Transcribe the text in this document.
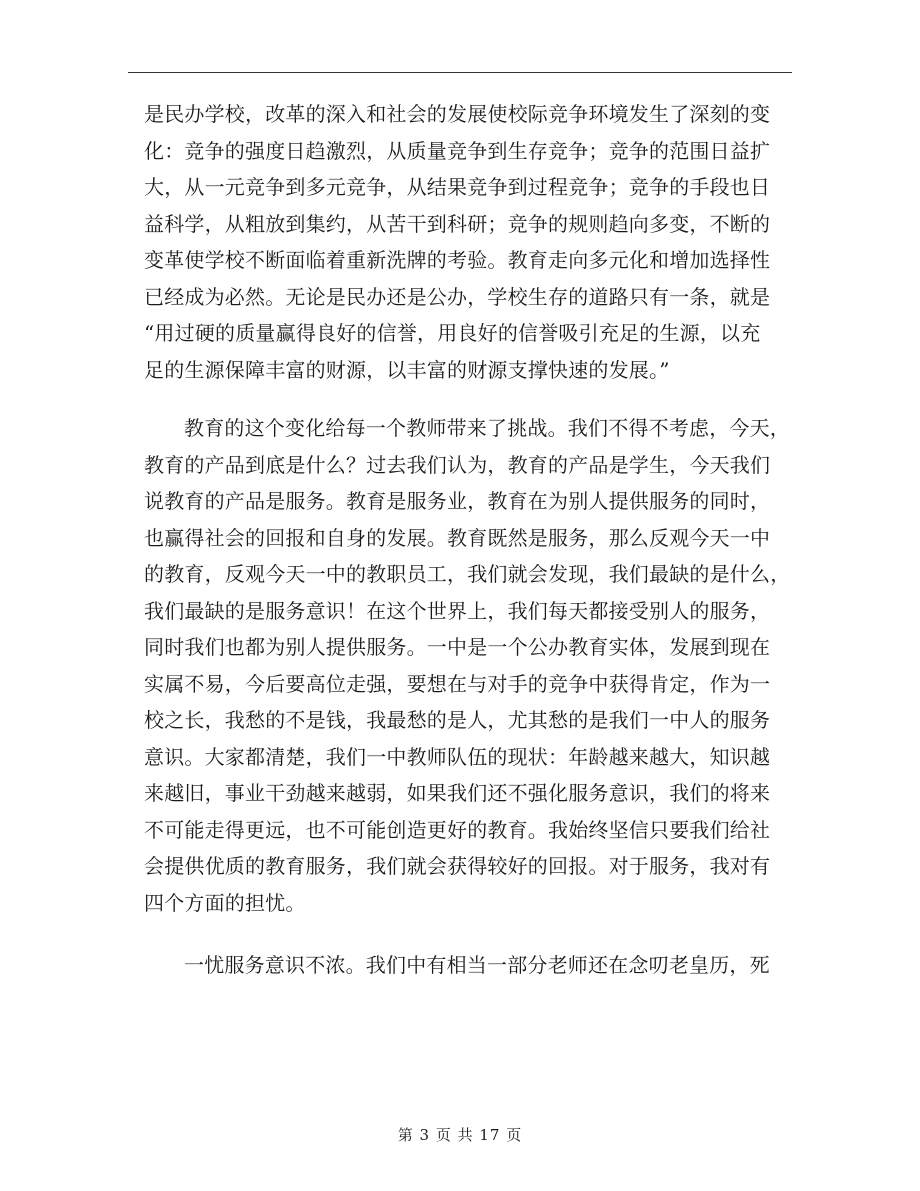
是民办学校，改革的深入和社会的发展使校际竞争环境发生了深刻的变
化：竞争的强度日趋激烈，从质量竞争到生存竞争；竞争的范围日益扩
大，从一元竞争到多元竞争，从结果竞争到过程竞争；竞争的手段也日
益科学，从粗放到集约，从苦干到科研；竞争的规则趋向多变，不断的
变革使学校不断面临着重新洗牌的考验。教育走向多元化和增加选择性
已经成为必然。无论是民办还是公办，学校生存的道路只有一条，就是
“用过硬的质量赢得良好的信誉，用良好的信誉吸引充足的生源，以充
足的生源保障丰富的财源，以丰富的财源支撑快速的发展。”

教育的这个变化给每一个教师带来了挑战。我们不得不考虑，今天，
教育的产品到底是什么？过去我们认为，教育的产品是学生，今天我们
说教育的产品是服务。教育是服务业，教育在为别人提供服务的同时，
也赢得社会的回报和自身的发展。教育既然是服务，那么反观今天一中
的教育，反观今天一中的教职员工，我们就会发现，我们最缺的是什么，
我们最缺的是服务意识！在这个世界上，我们每天都接受别人的服务，
同时我们也都为别人提供服务。一中是一个公办教育实体，发展到现在
实属不易，今后要高位走强，要想在与对手的竞争中获得肯定，作为一
校之长，我愁的不是钱，我最愁的是人，尤其愁的是我们一中人的服务
意识。大家都清楚，我们一中教师队伍的现状：年龄越来越大，知识越
来越旧，事业干劲越来越弱，如果我们还不强化服务意识，我们的将来
不可能走得更远，也不可能创造更好的教育。我始终坚信只要我们给社
会提供优质的教育服务，我们就会获得较好的回报。对于服务，我对有
四个方面的担忧。

一忧服务意识不浓。我们中有相当一部分老师还在念叨老皇历，死

第 3 页 共 17 页
